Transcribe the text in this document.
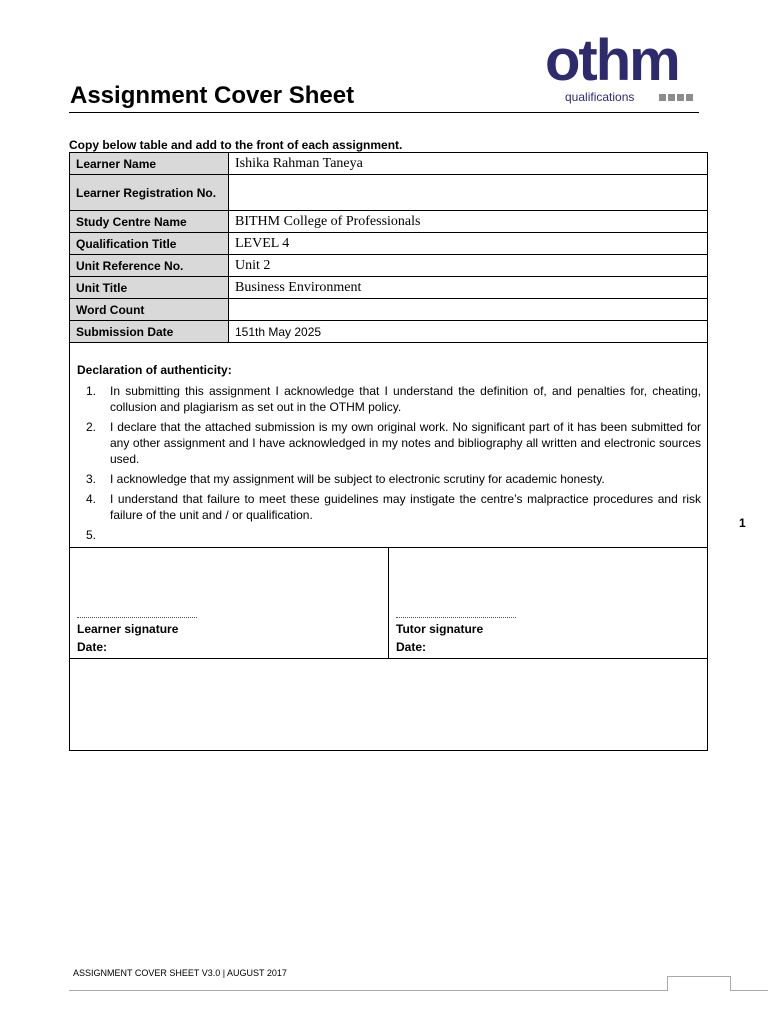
Assignment Cover Sheet
othm
qualifications
Copy below table and add to the front of each assignment.
Learner Name	Ishika Rahman Taneya
Learner Registration No.	
Study Centre Name	BITHM College of Professionals
Qualification Title	LEVEL 4
Unit Reference No.	Unit 2
Unit Title	Business Environment
Word Count	
Submission Date	151th May 2025
Declaration of authenticity:
1. In submitting this assignment I acknowledge that I understand the definition of, and penalties for, cheating, collusion and plagiarism as set out in the OTHM policy.
2. I declare that the attached submission is my own original work. No significant part of it has been submitted for any other assignment and I have acknowledged in my notes and bibliography all written and electronic sources used.
3. I acknowledge that my assignment will be subject to electronic scrutiny for academic honesty.
4. I understand that failure to meet these guidelines may instigate the centre’s malpractice procedures and risk failure of the unit and / or qualification.
5.
Learner signature
Date:
Tutor signature
Date:
1
ASSIGNMENT COVER SHEET V3.0 | AUGUST 2017
